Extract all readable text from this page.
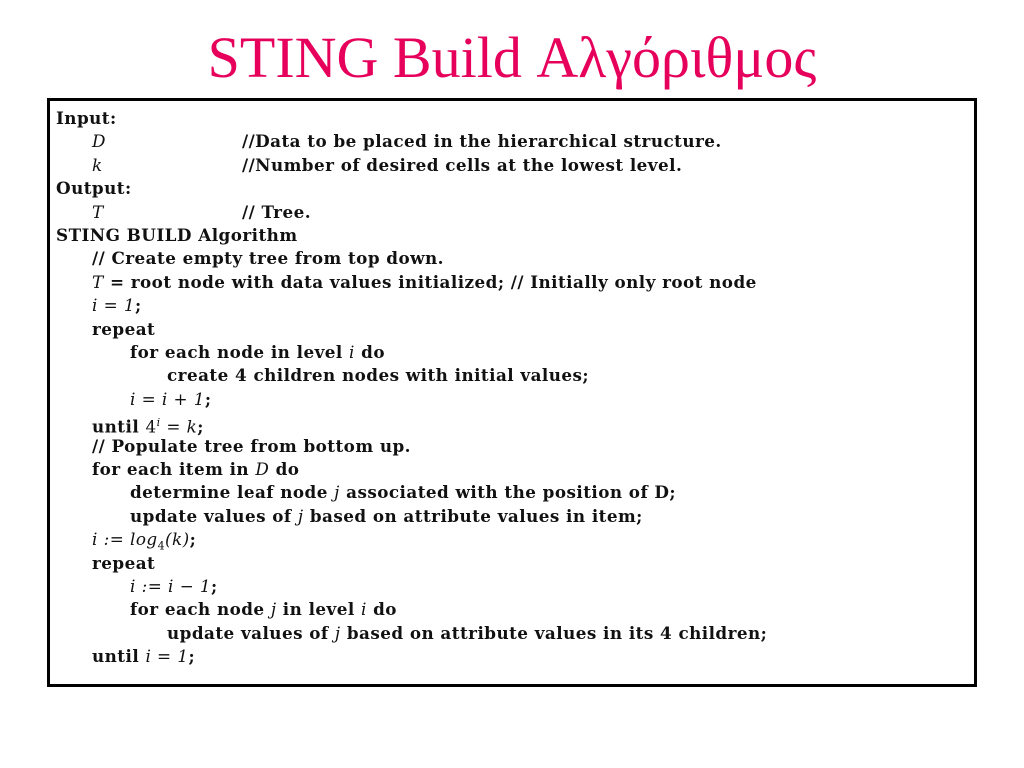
STING Build Αλγόριθμος
Input:
D	//Data to be placed in the hierarchical structure.
k	//Number of desired cells at the lowest level.
Output:
T	// Tree.
STING BUILD Algorithm
// Create empty tree from top down.
T = root node with data values initialized; // Initially only root node
i = 1;
repeat
for each node in level i do
create 4 children nodes with initial values;
i = i + 1;
until $4^i = k$;
// Populate tree from bottom up.
for each item in D do
determine leaf node j associated with the position of D;
update values of j based on attribute values in item;
i := $\log_4(k)$;
repeat
i := i − 1;
for each node j in level i do
update values of j based on attribute values in its 4 children;
until i = 1;
